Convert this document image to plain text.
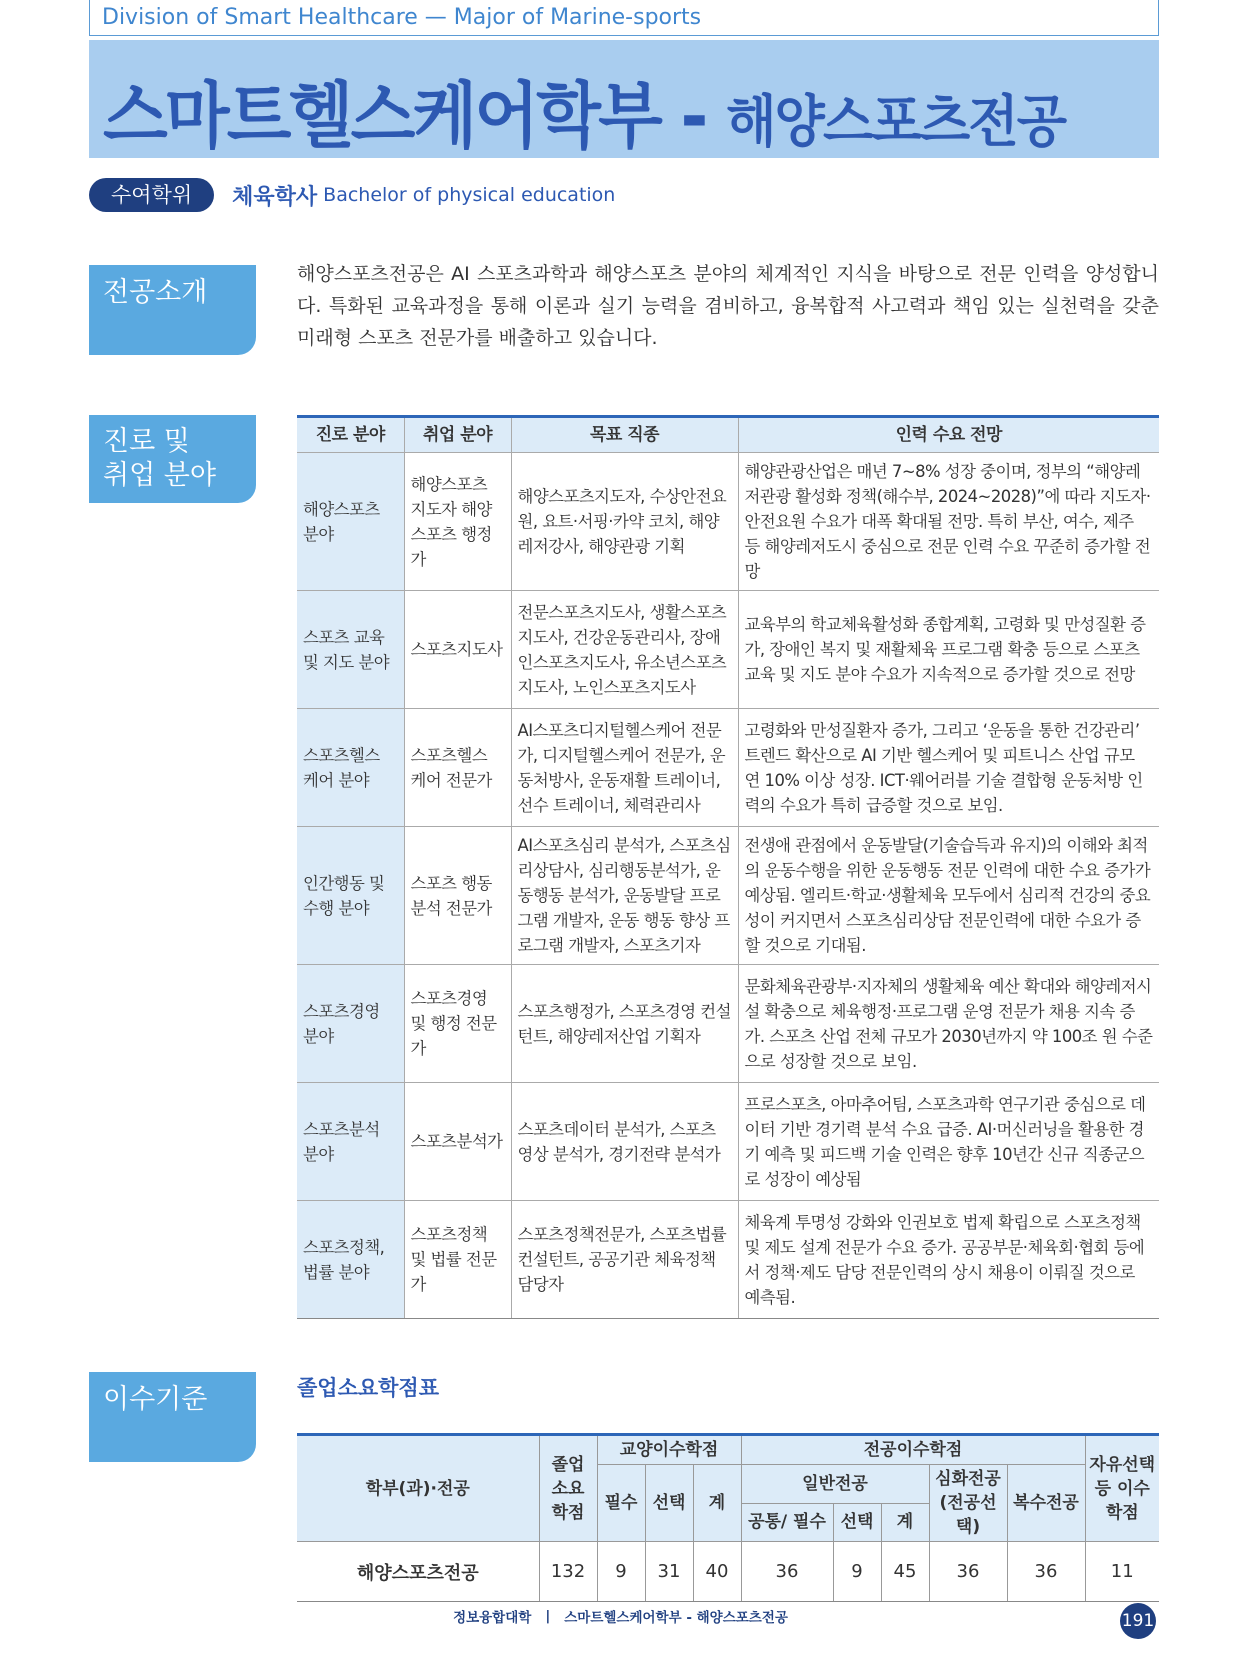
Division of Smart Healthcare — Major of Marine-sports
스마트헬스케어학부 - 해양스포츠전공
수여학위	체육학사 Bachelor of physical education
전공소개
해양스포츠전공은 AI 스포츠과학과 해양스포츠 분야의 체계적인 지식을 바탕으로 전문 인력을 양성합니다. 특화된 교육과정을 통해 이론과 실기 능력을 겸비하고, 융복합적 사고력과 책임 있는 실천력을 갖춘 미래형 스포츠 전문가를 배출하고 있습니다.
진로 및
취업 분야
진로 분야	취업 분야	목표 직종	인력 수요 전망
해양스포츠 분야	해양스포츠 지도자 해양스포츠 행정가	해양스포츠지도자, 수상안전요원, 요트·서핑·카약 코치, 해양레저강사, 해양관광 기획	해양관광산업은 매년 7~8% 성장 중이며, 정부의 “해양레저관광 활성화 정책(해수부, 2024~2028)”에 따라 지도자·안전요원 수요가 대폭 확대될 전망. 특히 부산, 여수, 제주 등 해양레저도시 중심으로 전문 인력 수요 꾸준히 증가할 전망
스포츠 교육 및 지도 분야	스포츠지도사	전문스포츠지도사, 생활스포츠지도사, 건강운동관리사, 장애인스포츠지도사, 유소년스포츠지도사, 노인스포츠지도사	교육부의 학교체육활성화 종합계획, 고령화 및 만성질환 증가, 장애인 복지 및 재활체육 프로그램 확충 등으로 스포츠 교육 및 지도 분야 수요가 지속적으로 증가할 것으로 전망
스포츠헬스 케어 분야	스포츠헬스 케어 전문가	AI스포츠디지털헬스케어 전문가, 디지털헬스케어 전문가, 운동처방사, 운동재활 트레이너, 선수 트레이너, 체력관리사	고령화와 만성질환자 증가, 그리고 ‘운동을 통한 건강관리’ 트렌드 확산으로 AI 기반 헬스케어 및 피트니스 산업 규모 연 10% 이상 성장. ICT·웨어러블 기술 결합형 운동처방 인력의 수요가 특히 급증할 것으로 보임.
인간행동 및 수행 분야	스포츠 행동 분석 전문가	AI스포츠심리 분석가, 스포츠심리상담사, 심리행동분석가, 운동행동 분석가, 운동발달 프로그램 개발자, 운동 행동 향상 프로그램 개발자, 스포츠기자	전생애 관점에서 운동발달(기술습득과 유지)의 이해와 최적의 운동수행을 위한 운동행동 전문 인력에 대한 수요 증가가 예상됨. 엘리트·학교·생활체육 모두에서 심리적 건강의 중요성이 커지면서 스포츠심리상담 전문인력에 대한 수요가 증할 것으로 기대됨.
스포츠경영 분야	스포츠경영 및 행정 전문가	스포츠행정가, 스포츠경영 컨설턴트, 해양레저산업 기획자	문화체육관광부·지자체의 생활체육 예산 확대와 해양레저시설 확충으로 체육행정·프로그램 운영 전문가 채용 지속 증가. 스포츠 산업 전체 규모가 2030년까지 약 100조 원 수준으로 성장할 것으로 보임.
스포츠분석 분야	스포츠분석가	스포츠데이터 분석가, 스포츠 영상 분석가, 경기전략 분석가	프로스포츠, 아마추어팀, 스포츠과학 연구기관 중심으로 데이터 기반 경기력 분석 수요 급증. AI·머신러닝을 활용한 경기 예측 및 피드백 기술 인력은 향후 10년간 신규 직종군으로 성장이 예상됨
스포츠정책, 법률 분야	스포츠정책 및 법률 전문가	스포츠정책전문가, 스포츠법률 컨설턴트, 공공기관 체육정책 담당자	체육계 투명성 강화와 인권보호 법제 확립으로 스포츠정책 및 제도 설계 전문가 수요 증가. 공공부문·체육회·협회 등에서 정책·제도 담당 전문인력의 상시 채용이 이뤄질 것으로 예측됨.
이수기준	졸업소요학점표
학부(과)·전공	졸업 소요 학점	교양이수학점			전공이수학점					자유선택 등 이수학점
		필수	선택	계	일반전공			심화전공 (전공선택)	복수전공	
					공통/ 필수	선택	계			
해양스포츠전공	132	9	31	40	36	9	45	36	36	11
정보융합대학 | 스마트헬스케어학부 - 해양스포츠전공	191
